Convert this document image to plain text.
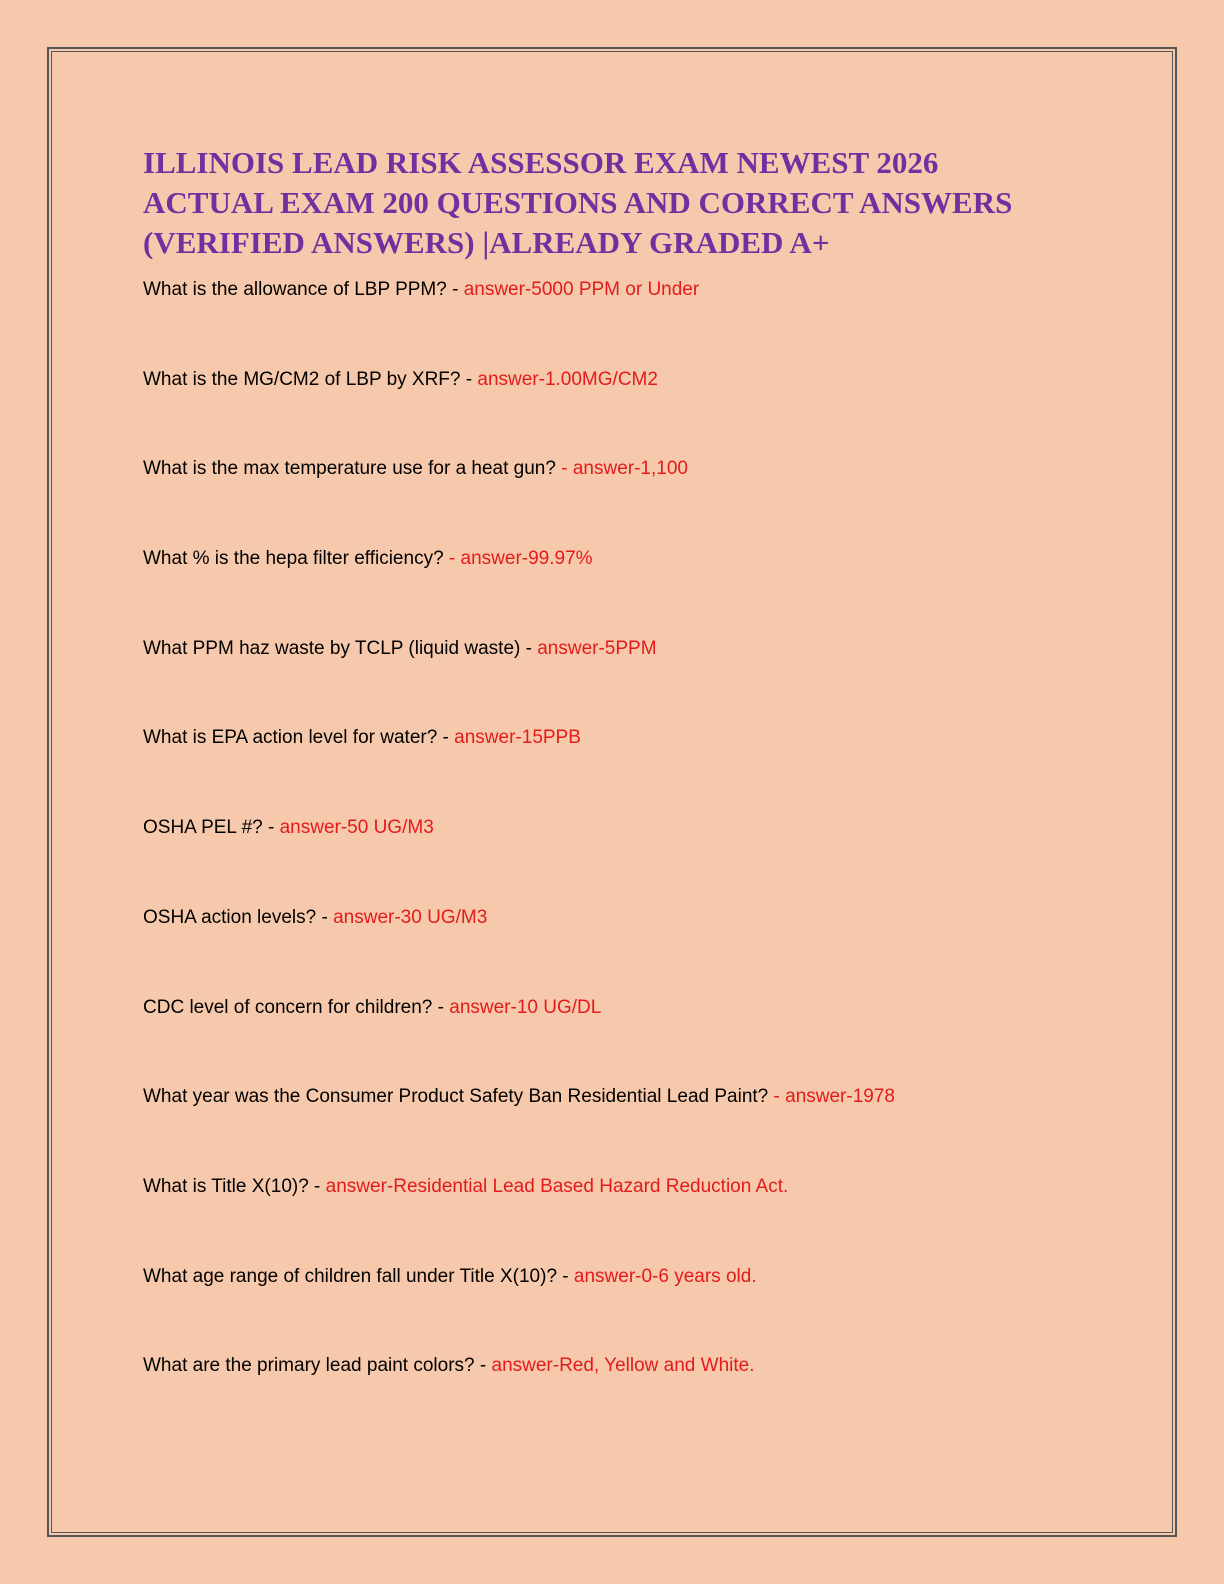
ILLINOIS LEAD RISK ASSESSOR EXAM NEWEST 2026
ACTUAL EXAM 200 QUESTIONS AND CORRECT ANSWERS
(VERIFIED ANSWERS) |ALREADY GRADED A+
What is the allowance of LBP PPM? - answer-5000 PPM or Under
What is the MG/CM2 of LBP by XRF? - answer-1.00MG/CM2
What is the max temperature use for a heat gun? - answer-1,100
What % is the hepa filter efficiency? - answer-99.97%
What PPM haz waste by TCLP (liquid waste) - answer-5PPM
What is EPA action level for water? - answer-15PPB
OSHA PEL #? - answer-50 UG/M3
OSHA action levels? - answer-30 UG/M3
CDC level of concern for children? - answer-10 UG/DL
What year was the Consumer Product Safety Ban Residential Lead Paint? - answer-1978
What is Title X(10)? - answer-Residential Lead Based Hazard Reduction Act.
What age range of children fall under Title X(10)? - answer-0-6 years old.
What are the primary lead paint colors? - answer-Red, Yellow and White.
